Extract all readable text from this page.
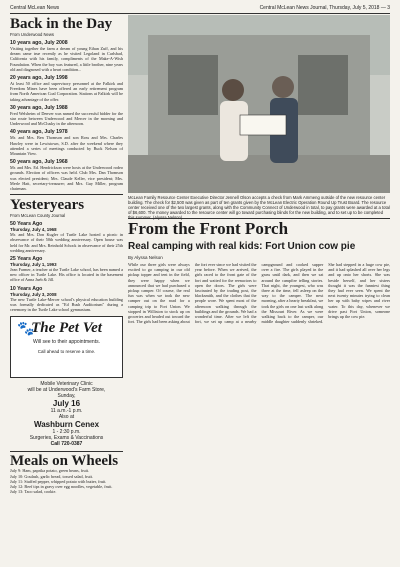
Central McLean News	Central McLean News Journal, Thursday, July 5, 2018 — 3
Back in the Day
From Underwood News
10 years ago, July 2008
Visiting together the farm a dream of young Ethan Zuff, and his dream came true recently as he visited Legoland in Carlsbad, California with his family, compliments of the Make-A-Wish Foundation. When the boy was featured, a little brother, nine years old and diagnosed with a heart condition...
20 years ago, July 1998
At least 50 office and supervisory personnel at the Falkirk and Freedom Mines have been offered an early retirement program from North American Coal Corporation. Stations at Falkirk will be taking advantage of the offer.
30 years ago, July 1988
Fred Welsheim of Denver was named the successful bidder for the star route between Underwood and Mercer in the morning and Underwood and McClusky in the afternoon.
40 years ago, July 1978
Mr. and Mrs. Ben Thomson and son Ross and Mrs. Charles Hawley were in Lewistown, S.D. after the weekend where they attended a series of meetings conducted by Buck Nelson of Mountain View.
50 years ago, July 1968
Mr. and Mrs. Ed. Hendrickson were hosts at the Underwood rodeo grounds. Election of officers was held. Club Mrs. Dan Thomson was elected president; Mrs. Claude Keller, vice president; Mrs. Merle Hatt, secretary-treasurer; and Mrs. Guy Miller, program chairman.
Yesteryears
From McLean County Journal
50 Years Ago
Thursday, July 4, 1968
Mr. and Mrs. Don Kugler of Turtle Lake hosted a picnic in observance of their 50th wedding anniversary. Open house was held for Mr. and Mrs. Reinhold Schock in observance of their 25th wedding anniversary.
25 Years Ago
Thursday, July 1, 1993
Jean Farmer, a teacher at the Turtle Lake school, has been named a new officer in Turtle Lake. His office is located in the basement office of Anna Jaeb & Jill.
10 Years Ago
Thursday, July 3, 2008
The new Turtle Lake-Mercer school's physical education building was formally dedicated as "Ed Bush Auditorium" during a ceremony in the Turtle Lake school gymnasium.
🐾
The Pet Vet
Will see to their appointments.
Call ahead to reserve a time.
Mobile Veterinary Clinic
will be at Underwood's Farm Store,
Sunday,
July 16
11 a.m.-1 p.m.
Also at
Washburn Cenex
1 - 2:30 p.m.
Surgeries, Exams & Vaccinations
Call 720-0387
Meals on Wheels
July 9: Ham, paprika potato, green beans, fruit.
July 10: Goulash, garlic bread, tossed salad, fruit.
July 11: Stuffed pepper, whipped potato with butter, fruit.
July 12: Beef tips in gravy over egg noodles, vegetable, fruit.
July 13: Taco salad, cookie.
McLean Family Resource Center Executive Director Jennell Olson accepts a check from Mark Ammeng outside of the new resource center building. The check for $2,500 was given as part of ten grants given by the McLean Electric Operation Round Up Trust Board. The resource center received one of the two largest grants, along with the Community Connect of Underwood in total, to pay grants were awarded at a total of $6,600. The money awarded to the resource center will go toward purchasing blinds for the new building, and to set up to be completed this summer. (Alyssa Nelson)
From the Front Porch
Real camping with real kids: Fort Union cow pie
By Alyssa Nelson
While our three girls were always excited to go camping in our old pickup topper and tent in the field, they were happy when we announced that we had purchased a pickup camper. Of course, the real fun was when we took the new camper out on the road for a camping trip to Fort Union. We stopped in Williston to stock up on groceries and headed out toward the fort. The girls had been asking about the fort ever since we had visited the year before. When we arrived, the girls raced to the front gate of the fort and waited for the reenactors to open the doors. The girls were fascinated by the trading post, the blacksmith, and the clothes that the people wore. We spent most of the afternoon walking through the buildings and the grounds. We had a wonderful time. After we left the fort, we set up camp at a nearby campground and cooked supper over a fire. The girls played in the grass until dark, and then we sat around the campfire telling stories. That night, the youngest, who was three at the time, fell asleep on the way to the camper. The next morning, after a hearty breakfast, we took the girls on one last walk along the Missouri River. As we were walking back to the camper, our middle daughter suddenly shrieked. She had stepped in a huge cow pie, and it had splashed all over her legs and up onto her shorts. She was beside herself, and her sisters thought it was the funniest thing they had ever seen. We spent the next twenty minutes trying to clean her up with baby wipes and river water. To this day, whenever we drive past Fort Union, someone brings up the cow pie.
